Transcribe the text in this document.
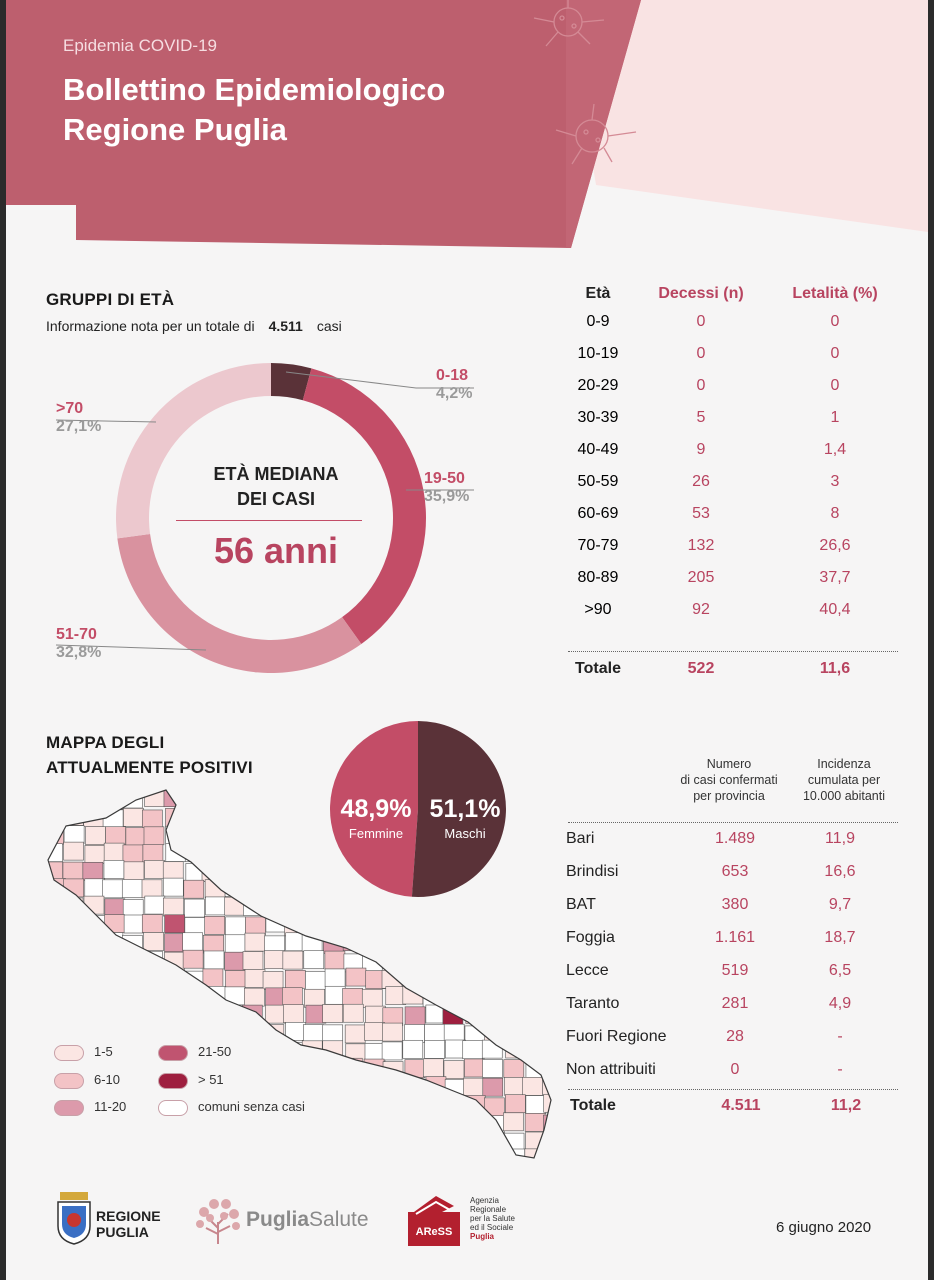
Epidemia COVID-19
Bollettino Epidemiologico
Regione Puglia
GRUPPI DI ETÀ
Informazione nota per un totale di 4.511 casi
0-18
4,2%
19-50
35,9%
51-70
32,8%
>70
27,1%
ETÀ MEDIANA
DEI CASI
56 anni
Età	Decessi (n)	Letalità (%)
0-9	0	0
10-19	0	0
20-29	0	0
30-39	5	1
40-49	9	1,4
50-59	26	3
60-69	53	8
70-79	132	26,6
80-89	205	37,7
>90	92	40,4
Totale	522	11,6
MAPPA DEGLI
ATTUALMENTE POSITIVI
1-5
6-10
11-20
21-50
> 51
comuni senza casi
48,9%
Femmine
51,1%
Maschi
Numero
di casi confermati
per provincia
Incidenza
cumulata per
10.000 abitanti
Bari	1.489	11,9
Brindisi	653	16,6
BAT	380	9,7
Foggia	1.161	18,7
Lecce	519	6,5
Taranto	281	4,9
Fuori Regione	28	-
Non attribuiti	0	-
Totale	4.511	11,2
REGIONE
PUGLIA
PugliaSalute
AReSS
Agenzia
Regionale
per la Salute
ed il Sociale
Puglia
6 giugno 2020
